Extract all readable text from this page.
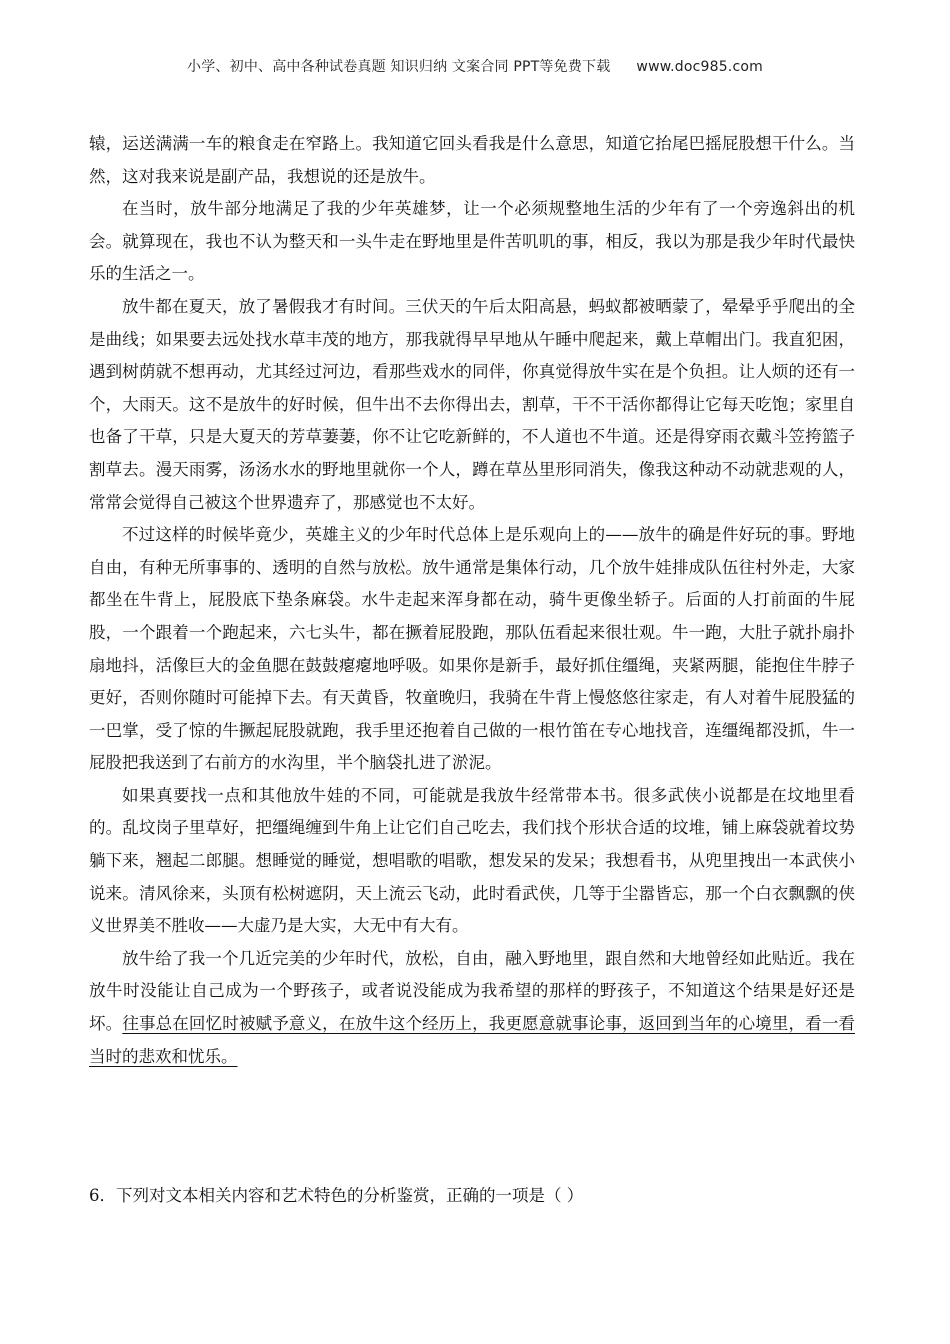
小学、初中、高中各种试卷真题 知识归纳 文案合同 PPT等免费下载 www.doc985.com

辕，运送满满一车的粮食走在窄路上。我知道它回头看我是什么意思，知道它抬尾巴摇屁股想干什么。当然，这对我来说是副产品，我想说的还是放牛。

在当时，放牛部分地满足了我的少年英雄梦，让一个必须规整地生活的少年有了一个旁逸斜出的机会。就算现在，我也不认为整天和一头牛走在野地里是件苦叽叽的事，相反，我以为那是我少年时代最快乐的生活之一。

放牛都在夏天，放了暑假我才有时间。三伏天的午后太阳高悬，蚂蚁都被晒蒙了，晕晕乎乎爬出的全是曲线；如果要去远处找水草丰茂的地方，那我就得早早地从午睡中爬起来，戴上草帽出门。我直犯困，遇到树荫就不想再动，尤其经过河边，看那些戏水的同伴，你真觉得放牛实在是个负担。让人烦的还有一个，大雨天。这不是放牛的好时候，但牛出不去你得出去，割草，干不干活你都得让它每天吃饱；家里自也备了干草，只是大夏天的芳草萋萋，你不让它吃新鲜的，不人道也不牛道。还是得穿雨衣戴斗笠挎篮子割草去。漫天雨雾，汤汤水水的野地里就你一个人，蹲在草丛里形同消失，像我这种动不动就悲观的人，常常会觉得自己被这个世界遗弃了，那感觉也不太好。

不过这样的时候毕竟少，英雄主义的少年时代总体上是乐观向上的——放牛的确是件好玩的事。野地自由，有种无所事事的、透明的自然与放松。放牛通常是集体行动，几个放牛娃排成队伍往村外走，大家都坐在牛背上，屁股底下垫条麻袋。水牛走起来浑身都在动，骑牛更像坐轿子。后面的人打前面的牛屁股，一个跟着一个跑起来，六七头牛，都在撅着屁股跑，那队伍看起来很壮观。牛一跑，大肚子就扑扇扑扇地抖，活像巨大的金鱼腮在鼓鼓瘪瘪地呼吸。如果你是新手，最好抓住缰绳，夹紧两腿，能抱住牛脖子更好，否则你随时可能掉下去。有天黄昏，牧童晚归，我骑在牛背上慢悠悠往家走，有人对着牛屁股猛的一巴掌，受了惊的牛撅起屁股就跑，我手里还抱着自己做的一根竹笛在专心地找音，连缰绳都没抓，牛一屁股把我送到了右前方的水沟里，半个脑袋扎进了淤泥。

如果真要找一点和其他放牛娃的不同，可能就是我放牛经常带本书。很多武侠小说都是在坟地里看的。乱坟岗子里草好，把缰绳缠到牛角上让它们自己吃去，我们找个形状合适的坟堆，铺上麻袋就着坟势躺下来，翘起二郎腿。想睡觉的睡觉，想唱歌的唱歌，想发呆的发呆；我想看书，从兜里拽出一本武侠小说来。清风徐来，头顶有松树遮阴，天上流云飞动，此时看武侠，几等于尘嚣皆忘，那一个白衣飘飘的侠义世界美不胜收——大虚乃是大实，大无中有大有。

放牛给了我一个几近完美的少年时代，放松，自由，融入野地里，跟自然和大地曾经如此贴近。我在放牛时没能让自己成为一个野孩子，或者说没能成为我希望的那样的野孩子，不知道这个结果是好还是坏。往事总在回忆时被赋予意义，在放牛这个经历上，我更愿意就事论事，返回到当年的心境里，看一看当时的悲欢和忧乐。

6．下列对文本相关内容和艺术特色的分析鉴赏，正确的一项是（ ）
